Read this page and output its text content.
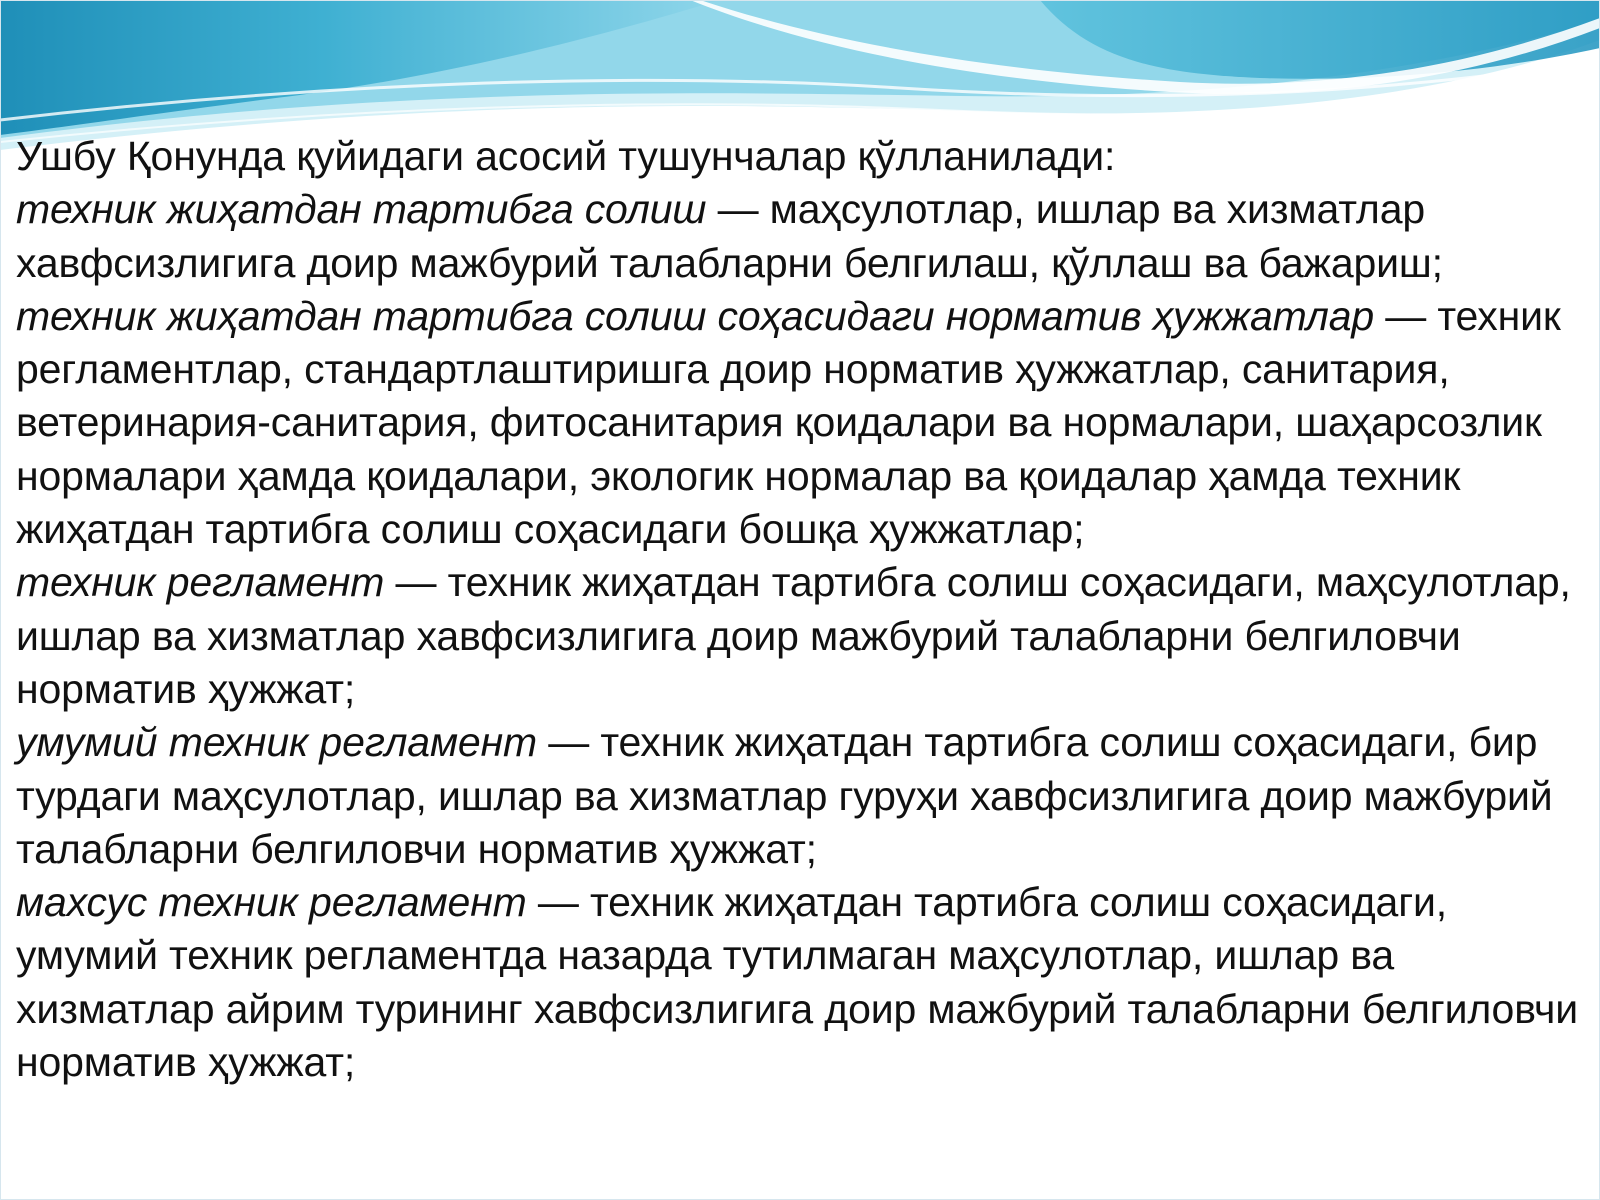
Ушбу Қонунда қуйидаги асосий тушунчалар қўлланилади:

техник жиҳатдан тартибга солиш — маҳсулотлар, ишлар ва хизматлар хавфсизлигига доир мажбурий талабларни белгилаш, қўллаш ва бажариш;

техник жиҳатдан тартибга солиш соҳасидаги норматив ҳужжатлар — техник регламентлар, стандартлаштиришга доир норматив ҳужжатлар, санитария, ветеринария-санитария, фитосанитария қоидалари ва нормалари, шаҳарсозлик нормалари ҳамда қоидалари, экологик нормалар ва қоидалар ҳамда техник жиҳатдан тартибга солиш соҳасидаги бошқа ҳужжатлар;

техник регламент — техник жиҳатдан тартибга солиш соҳасидаги, маҳсулотлар, ишлар ва хизматлар хавфсизлигига доир мажбурий талабларни белгиловчи норматив ҳужжат;

умумий техник регламент — техник жиҳатдан тартибга солиш соҳасидаги, бир турдаги маҳсулотлар, ишлар ва хизматлар гуруҳи хавфсизлигига доир мажбурий талабларни белгиловчи норматив ҳужжат;

махсус техник регламент — техник жиҳатдан тартибга солиш соҳасидаги, умумий техник регламентда назарда тутилмаган маҳсулотлар, ишлар ва хизматлар айрим турининг хавфсизлигига доир мажбурий талабларни белгиловчи норматив ҳужжат;
